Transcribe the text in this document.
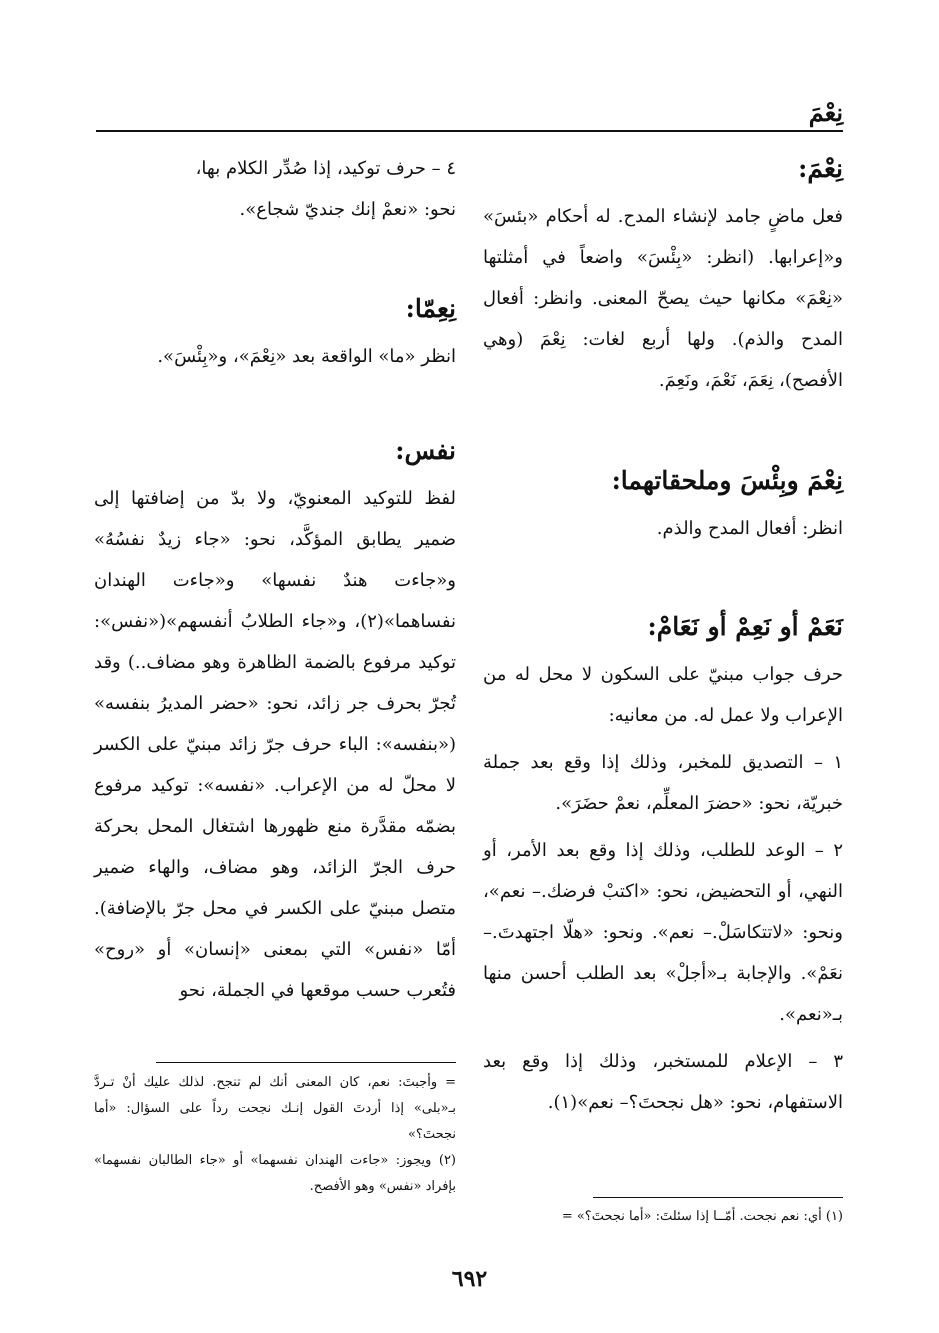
نِعْمَ
نِعْمَ:

فعل ماضٍ جامد لإنشاء المدح. له أحكام «بئسَ» و«إعرابها. (انظر: «بِئْسَ» واضعاً في أمثلتها «نِعْمَ» مكانها حيث يصحّ المعنى. وانظر: أفعال المدح والذم). ولها أربع لغات: نِعْمَ (وهي الأفصح)، نِعَمَ، نَعْمَ، ونَعِمَ.

نِعْمَ وبِئْسَ وملحقاتهما:

انظر: أفعال المدح والذم.

نَعَمْ أو نَعِمْ أو نَعَامْ:

حرف جواب مبنيّ على السكون لا محل له من الإعراب ولا عمل له. من معانيه:

١ – التصديق للمخبر، وذلك إذا وقع بعد جملة خبريّة، نحو: «حضرَ المعلِّم، نعمْ حضَرَ».

٢ – الوعد للطلب، وذلك إذا وقع بعد الأمر، أو النهي، أو التحضيض، نحو: «اكتبْ فرضك.– نعم»، ونحو: «لاتتكاسَلْ.– نعم». ونحو: «هلّا اجتهدتَ.– نعَمْ». والإجابة بـ«أجلْ» بعد الطلب أحسن منها بـ«نعم».

٣ – الإعلام للمستخبر، وذلك إذا وقع بعد الاستفهام، نحو: «هل نجحتَ؟– نعم»(١).

(١) أي: نعم نجحت. أمّــا إذا سئلتَ: «أما نجحتَ؟» =

٤ – حرف توكيد، إذا صُدِّر الكلام بها،

نحو: «نعمْ إنك جنديّ شجاع».

نِعِمّا:

انظر «ما» الواقعة بعد «نِعْمَ»، و«بِئْسَ».

نفس:

لفظ للتوكيد المعنويّ، ولا بدّ من إضافتها إلى ضمير يطابق المؤكَّد، نحو: «جاء زيدٌ نفسُهُ» و«جاءت هندٌ نفسها» و«جاءت الهندان نفساهما»(٢)، و«جاء الطلابُ أنفسهم»(«نفس»: توكيد مرفوع بالضمة الظاهرة وهو مضاف..) وقد تُجرّ بحرف جر زائد، نحو: «حضر المديرُ بنفسه» («بنفسه»: الباء حرف جرّ زائد مبنيّ على الكسر لا محلّ له من الإعراب. «نفسه»: توكيد مرفوع بضمّه مقدَّرة منع ظهورها اشتغال المحل بحركة حرف الجرّ الزائد، وهو مضاف، والهاء ضمير متصل مبنيّ على الكسر في محل جرّ بالإضافة). أمّا «نفس» التي بمعنى «إنسان» أو «روح» فتُعرب حسب موقعها في الجملة، نحو

= وأجبتَ: نعم، كان المعنى أنك لم تنجح. لذلك عليك أنْ تـردَّ بـ«بلى» إذا أردتَ القول إنـك نجحت رداً على السؤال: «أما نجحتَ؟»
(٢) ويجوز: «جاءت الهندان نفسهما» أو «جاء الطالبان نفسهما» بإفراد «نفس» وهو الأفصح.
٦٩٢
